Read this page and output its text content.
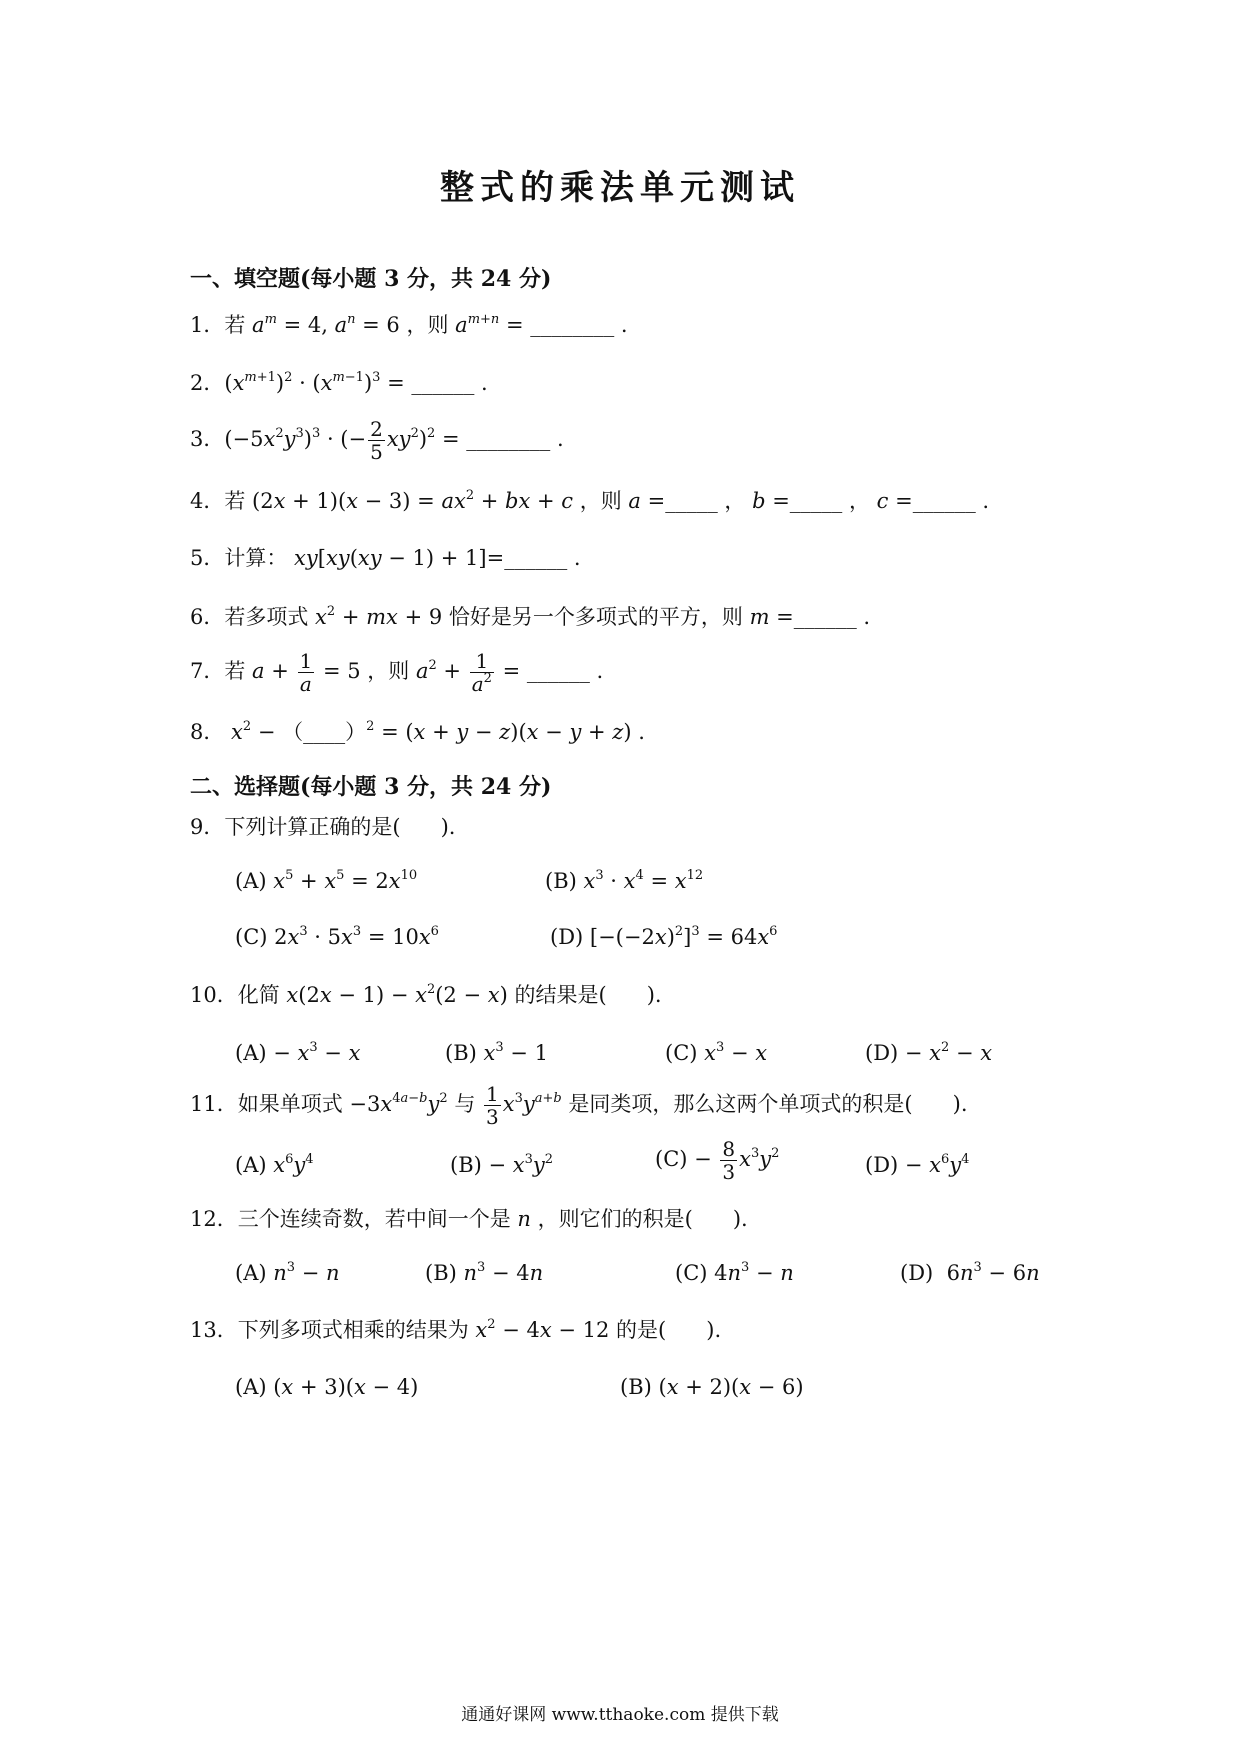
整式的乘法单元测试
一、填空题(每小题 3 分，共 24 分)
1．若 $a^m = 4$, $a^n = 6$ ，则 $a^{m+n}$ = ________ .
2．$(x^{m+1})^2 \cdot (x^{m-1})^3$ = ______ .
3．$(-5x^2y^3)^3$ · (− $\frac{2}{5} xy^2)^2$ = ________ .
4．若 $(2x + 1)(x - 3) = ax^2$ + bx + c ，则 a =_____ ， b =_____ ， c =______ .
5．计算： xy[xy(xy − 1) + 1]=______ .
6．若多项式 $x^2$ + mx + 9 恰好是另一个多项式的平方，则 m =______ .
7．若 $a + \frac{1}{a} = 5$ ，则 $a^2 + \frac{1}{a^2}$ = ______ .
8． $x^2$ − （____）$^2$ = (x + y − z)(x − y + z) .
二、选择题(每小题 3 分，共 24 分)
9．下列计算正确的是(      ).
(A) $x^5 + x^5 = 2x^{10}$	(B) $x^3 \cdot x^4 = x^{12}$
(C) $2x^3 \cdot 5x^3 = 10x^6$	(D) $[-(-2x)^2]^3 = 64x^6$
10．化简 $x(2x - 1) - x^2(2 - x)$ 的结果是(      ).
$(A) - x^3 - x$	(B) $x^3 - 1$	(C) $x^3 - x$	$(D) - x^2 - x$
11．如果单项式 $-3x^{4a-b}y^2$ 与 $\frac{1}{3} x^3y^{a+b}$ 是同类项，那么这两个单项式的积是(      ).
(A) $x^6y^4$	$(B) - x^3y^2$	$(C) - \frac{8}{3} x^3y^2$	$(D) - x^6y^4$
12．三个连续奇数，若中间一个是 n ，则它们的积是(      ).
(A) $n^3 - n$	(B) $n^3 - 4n$	(C) $4n^3 - n$	(D)  $6n^3 - 6n$
13．下列多项式相乘的结果为 $x^2 - 4x - 12$ 的是(      ).
(A) (x + 3)(x − 4)	(B) (x + 2)(x − 6)
通通好课网 www.tthaoke.com 提供下载
